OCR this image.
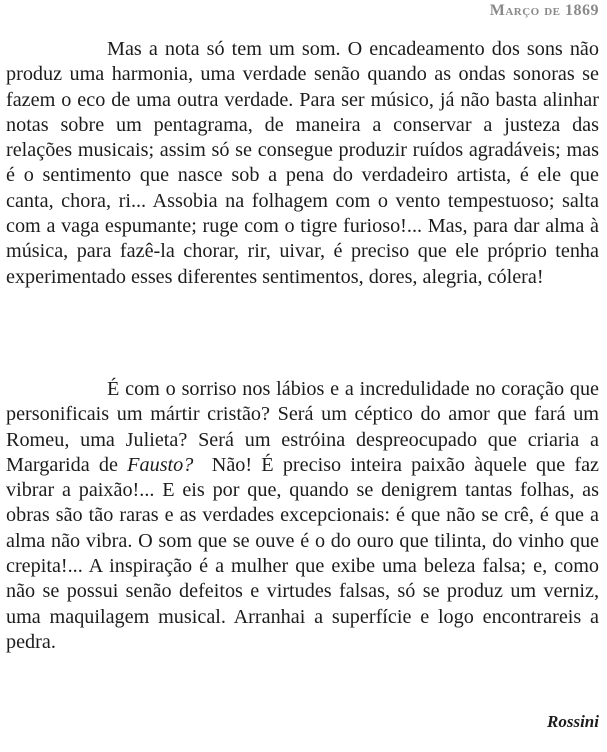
Março de 1869

Mas a nota só tem um som. O encadeamento dos sons não produz uma harmonia, uma verdade senão quando as ondas sonoras se fazem o eco de uma outra verdade. Para ser músico, já não basta alinhar notas sobre um pentagrama, de maneira a conservar a justeza das relações musicais; assim só se consegue produzir ruídos agradáveis; mas é o sentimento que nasce sob a pena do verdadeiro artista, é ele que canta, chora, ri... Assobia na folhagem com o vento tempestuoso; salta com a vaga espumante; ruge com o tigre furioso!... Mas, para dar alma à música, para fazê-la chorar, rir, uivar, é preciso que ele próprio tenha experimentado esses diferentes sentimentos, dores, alegria, cólera!

É com o sorriso nos lábios e a incredulidade no coração que personificais um mártir cristão? Será um céptico do amor que fará um Romeu, uma Julieta? Será um estróina despreocupado que criaria a Margarida de Fausto?  Não! É preciso inteira paixão àquele que faz vibrar a paixão!... E eis por que, quando se denigrem tantas folhas, as obras são tão raras e as verdades excepcionais: é que não se crê, é que a alma não vibra. O som que se ouve é o do ouro que tilinta, do vinho que crepita!... A inspiração é a mulher que exibe uma beleza falsa; e, como não se possui senão defeitos e virtudes falsas, só se produz um verniz, uma maquilagem musical. Arranhai a superfície e logo encontrareis a pedra.

Rossini
